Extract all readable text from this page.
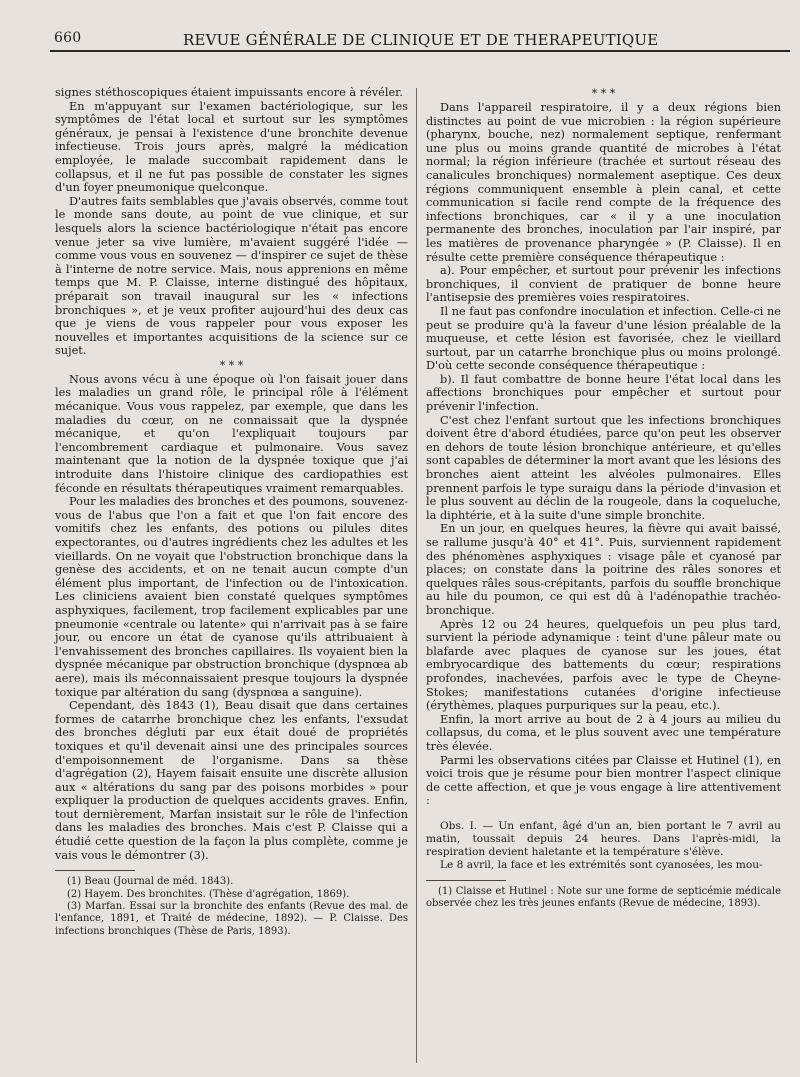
660	REVUE GÉNÉRALE DE CLINIQUE ET DE THERAPEUTIQUE

signes stéthoscopiques étaient impuissants encore à révéler.

En m'appuyant sur l'examen bactériologique, sur les symptômes de l'état local et surtout sur les symptômes généraux, je pensai à l'existence d'une bronchite devenue infectieuse. Trois jours après, malgré la médication employée, le malade succombait rapidement dans le collapsus, et il ne fut pas possible de constater les signes d'un foyer pneumonique quelconque.

D'autres faits semblables que j'avais observés, comme tout le monde sans doute, au point de vue clinique, et sur lesquels alors la science bactériologique n'était pas encore venue jeter sa vive lumière, m'avaient suggéré l'idée — comme vous vous en souvenez — d'inspirer ce sujet de thèse à l'interne de notre service. Mais, nous apprenions en même temps que M. P. Claisse, interne distingué des hôpitaux, préparait son travail inaugural sur les « infections bronchiques », et je veux profiter aujourd'hui des deux cas que je viens de vous rappeler pour vous exposer les nouvelles et importantes acquisitions de la science sur ce sujet.

* * *

Nous avons vécu à une époque où l'on faisait jouer dans les maladies un grand rôle, le principal rôle à l'élément mécanique. Vous vous rappelez, par exemple, que dans les maladies du cœur, on ne connaissait que la dyspnée mécanique, et qu'on l'expliquait toujours par l'encombrement cardiaque et pulmonaire. Vous savez maintenant que la notion de la dyspnée toxique que j'ai introduite dans l'histoire clinique des cardiopathies est féconde en résultats thérapeutiques vraiment remarquables.

Pour les maladies des bronches et des poumons, souvenez-vous de l'abus que l'on a fait et que l'on fait encore des vomitifs chez les enfants, des potions ou pilules dites expectorantes, ou d'autres ingrédients chez les adultes et les vieillards. On ne voyait que l'obstruction bronchique dans la genèse des accidents, et on ne tenait aucun compte d'un élément plus important, de l'infection ou de l'intoxication. Les cliniciens avaient bien constaté quelques symptômes asphyxiques, facilement, trop facilement explicables par une pneumonie «centrale ou latente» qui n'arrivait pas à se faire jour, ou encore un état de cyanose qu'ils attribuaient à l'envahissement des bronches capillaires. Ils voyaient bien la dyspnée mécanique par obstruction bronchique (dyspnœa ab aere), mais ils méconnaissaient presque toujours la dyspnée toxique par altération du sang (dyspnœa a sanguine).

Cependant, dès 1843 (1), Beau disait que dans certaines formes de catarrhe bronchique chez les enfants, l'exsudat des bronches dégluti par eux était doué de propriétés toxiques et qu'il devenait ainsi une des principales sources d'empoisonnement de l'organisme. Dans sa thèse d'agrégation (2), Hayem faisait ensuite une discrète allusion aux « altérations du sang par des poisons morbides » pour expliquer la production de quelques accidents graves. Enfin, tout dernièrement, Marfan insistait sur le rôle de l'infection dans les maladies des bronches. Mais c'est P. Claisse qui a étudié cette question de la façon la plus complète, comme je vais vous le démontrer (3).

(1) Beau (Journal de méd. 1843).

(2) Hayem. Des bronchites. (Thèse d'agrégation, 1869).

(3) Marfan. Essai sur la bronchite des enfants (Revue des mal. de l'enfance, 1891, et Traité de médecine, 1892). — P. Claisse. Des infections bronchiques (Thèse de Paris, 1893).

* * *

Dans l'appareil respiratoire, il y a deux régions bien distinctes au point de vue microbien : la région supérieure (pharynx, bouche, nez) normalement septique, renfermant une plus ou moins grande quantité de microbes à l'état normal; la région inférieure (trachée et surtout réseau des canalicules bronchiques) normalement aseptique. Ces deux régions communiquent ensemble à plein canal, et cette communication si facile rend compte de la fréquence des infections bronchiques, car « il y a une inoculation permanente des bronches, inoculation par l'air inspiré, par les matières de provenance pharyngée » (P. Claisse). Il en résulte cette première conséquence thérapeutique :

a). Pour empêcher, et surtout pour prévenir les infections bronchiques, il convient de pratiquer de bonne heure l'antisepsie des premières voies respiratoires.

Il ne faut pas confondre inoculation et infection. Celle-ci ne peut se produire qu'à la faveur d'une lésion préalable de la muqueuse, et cette lésion est favorisée, chez le vieillard surtout, par un catarrhe bronchique plus ou moins prolongé. D'où cette seconde conséquence thérapeutique :

b). Il faut combattre de bonne heure l'état local dans les affections bronchiques pour empêcher et surtout pour prévenir l'infection.

C'est chez l'enfant surtout que les infections bronchiques doivent être d'abord étudiées, parce qu'on peut les observer en dehors de toute lésion bronchique antérieure, et qu'elles sont capables de déterminer la mort avant que les lésions des bronches aient atteint les alvéoles pulmonaires. Elles prennent parfois le type suraigu dans la période d'invasion et le plus souvent au déclin de la rougeole, dans la coqueluche, la diphtérie, et à la suite d'une simple bronchite.

En un jour, en quelques heures, la fièvre qui avait baissé, se rallume jusqu'à 40° et 41°. Puis, surviennent rapidement des phénomènes asphyxiques : visage pâle et cyanosé par places; on constate dans la poitrine des râles sonores et quelques râles sous-crépitants, parfois du souffle bronchique au hile du poumon, ce qui est dû à l'adénopathie trachéo-bronchique.

Après 12 ou 24 heures, quelquefois un peu plus tard, survient la période adynamique : teint d'une pâleur mate ou blafarde avec plaques de cyanose sur les joues, état embryocardique des battements du cœur; respirations profondes, inachevées, parfois avec le type de Cheyne-Stokes; manifestations cutanées d'origine infectieuse (érythèmes, plaques purpuriques sur la peau, etc.).

Enfin, la mort arrive au bout de 2 à 4 jours au milieu du collapsus, du coma, et le plus souvent avec une température très élevée.

Parmi les observations citées par Claisse et Hutinel (1), en voici trois que je résume pour bien montrer l'aspect clinique de cette affection, et que je vous engage à lire attentivement :

Obs. I. — Un enfant, âgé d'un an, bien portant le 7 avril au matin, toussait depuis 24 heures. Dans l'après-midi, la respiration devient haletante et la température s'élève.

Le 8 avril, la face et les extrémités sont cyanosées, les mou-

(1) Claisse et Hutinel : Note sur une forme de septicémie médicale observée chez les très jeunes enfants (Revue de médecine, 1893).
